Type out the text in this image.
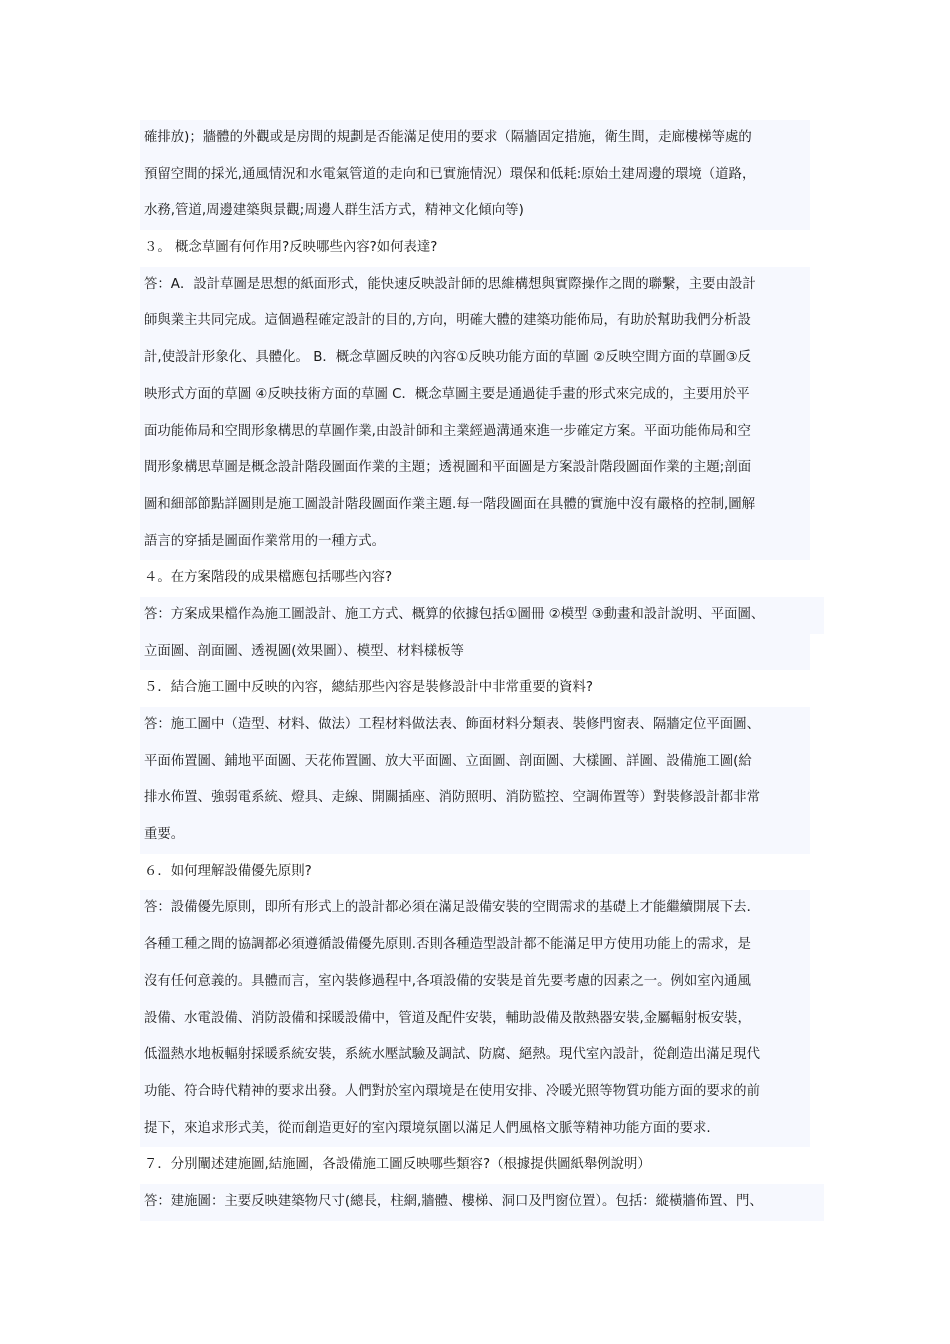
確排放)；牆體的外觀或是房間的規劃是否能滿足使用的要求（隔牆固定措施，衛生間，走廊樓梯等處的
預留空間的採光,通風情況和水電氣管道的走向和已實施情況）環保和低耗:原始土建周邊的環境（道路，
水務,管道,周邊建築與景觀;周邊人群生活方式，精神文化傾向等)
３。 概念草圖有何作用?反映哪些內容?如何表達?
答：A．設計草圖是思想的紙面形式，能快速反映設計師的思維構想與實際操作之間的聯繫，主要由設計
師與業主共同完成。這個過程確定設計的目的,方向，明確大體的建築功能佈局，有助於幫助我們分析設
計,使設計形象化、具體化。 B．概念草圖反映的內容①反映功能方面的草圖 ②反映空間方面的草圖③反
映形式方面的草圖 ④反映技術方面的草圖 C．概念草圖主要是通過徒手畫的形式來完成的，主要用於平
面功能佈局和空間形象構思的草圖作業,由設計師和主業經過溝通來進一步確定方案。平面功能佈局和空
間形象構思草圖是概念設計階段圖面作業的主題；透視圖和平面圖是方案設計階段圖面作業的主題;剖面
圖和細部節點詳圖則是施工圖設計階段圖面作業主題.每一階段圖面在具體的實施中沒有嚴格的控制,圖解
語言的穿插是圖面作業常用的一種方式。
４。在方案階段的成果檔應包括哪些內容?
答：方案成果檔作為施工圖設計、施工方式、概算的依據包括①圖冊 ②模型 ③動畫和設計說明、平面圖、
立面圖、剖面圖、透視圖(效果圖）、模型、材料樣板等
５．結合施工圖中反映的內容，總結那些內容是裝修設計中非常重要的資料?
答：施工圖中（造型、材料、做法）工程材料做法表、飾面材料分類表、裝修門窗表、隔牆定位平面圖、
平面佈置圖、鋪地平面圖、天花佈置圖、放大平面圖、立面圖、剖面圖、大樣圖、詳圖、設備施工圖(給
排水佈置、強弱電系統、燈具、走線、開關插座、消防照明、消防監控、空調佈置等）對裝修設計都非常
重要。
６．如何理解設備優先原則?
答：設備優先原則，即所有形式上的設計都必須在滿足設備安裝的空間需求的基礎上才能繼續開展下去．
各種工種之間的協調都必須遵循設備優先原則.否則各種造型設計都不能滿足甲方使用功能上的需求，是
沒有任何意義的。具體而言，室內裝修過程中,各項設備的安裝是首先要考慮的因素之一。例如室內通風
設備、水電設備、消防設備和採暖設備中，管道及配件安裝，輔助設備及散熱器安裝,金屬輻射板安裝，
低溫熱水地板輻射採暖系統安裝，系統水壓試驗及調試、防腐、絕熱。現代室內設計，從創造出滿足現代
功能、符合時代精神的要求出發。人們對於室內環境是在使用安排、冷暖光照等物質功能方面的要求的前
提下，來追求形式美，從而創造更好的室內環境氛圍以滿足人們風格文脈等精神功能方面的要求.
７．分別闡述建施圖,結施圖，各設備施工圖反映哪些類容?（根據提供圖紙舉例說明）
答：建施圖：主要反映建築物尺寸(總長，柱網,牆體、樓梯、洞口及門窗位置）。包括：縱橫牆佈置、門、
